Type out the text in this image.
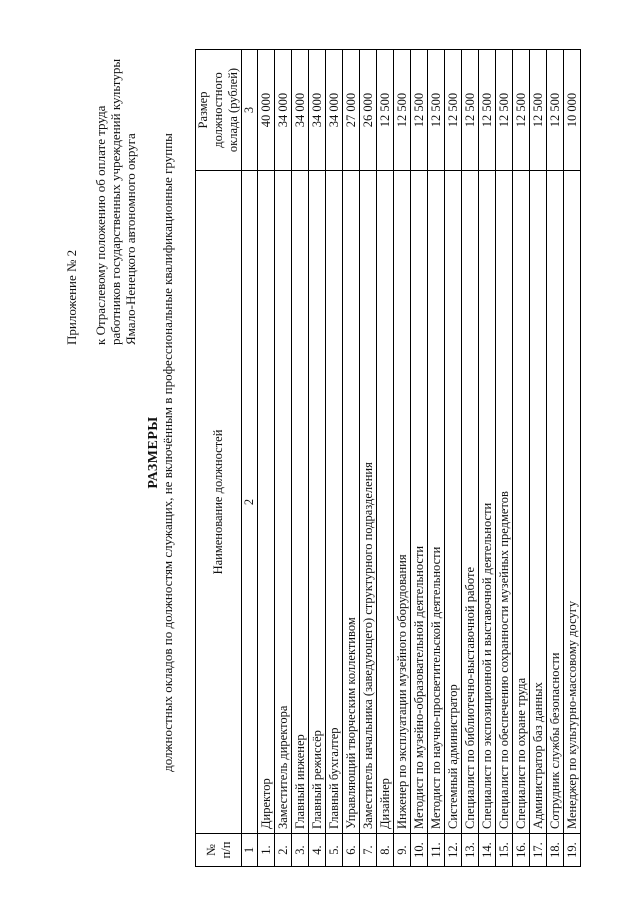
Приложение № 2 к Отраслевому положению об оплате труда работников государственных учреждений культуры Ямало-Ненецкого автономного округа
РАЗМЕРЫ должностных окладов по должностям служащих, не включённым в профессиональные квалификационные группы
№ п/п	Наименование должностей	Размер должностного оклада (рублей)
1	2	3
1.	Директор	40 000
2.	Заместитель директора	34 000
3.	Главный инженер	34 000
4.	Главный режиссёр	34 000
5.	Главный бухгалтер	34 000
6.	Управляющий творческим коллективом	27 000
7.	Заместитель начальника (заведующего) структурного подразделения	26 000
8.	Дизайнер	12 500
9.	Инженер по эксплуатации музейного оборудования	12 500
10.	Методист по музейно-образовательной деятельности	12 500
11.	Методист по научно-просветительской деятельности	12 500
12.	Системный администратор	12 500
13.	Специалист по библиотечно-выставочной работе	12 500
14.	Специалист по экспозиционной и выставочной деятельности	12 500
15.	Специалист по обеспечению сохранности музейных предметов	12 500
16.	Специалист по охране труда	12 500
17.	Администратор баз данных	12 500
18.	Сотрудник службы безопасности	12 500
19.	Менеджер по культурно-массовому досугу	10 000
